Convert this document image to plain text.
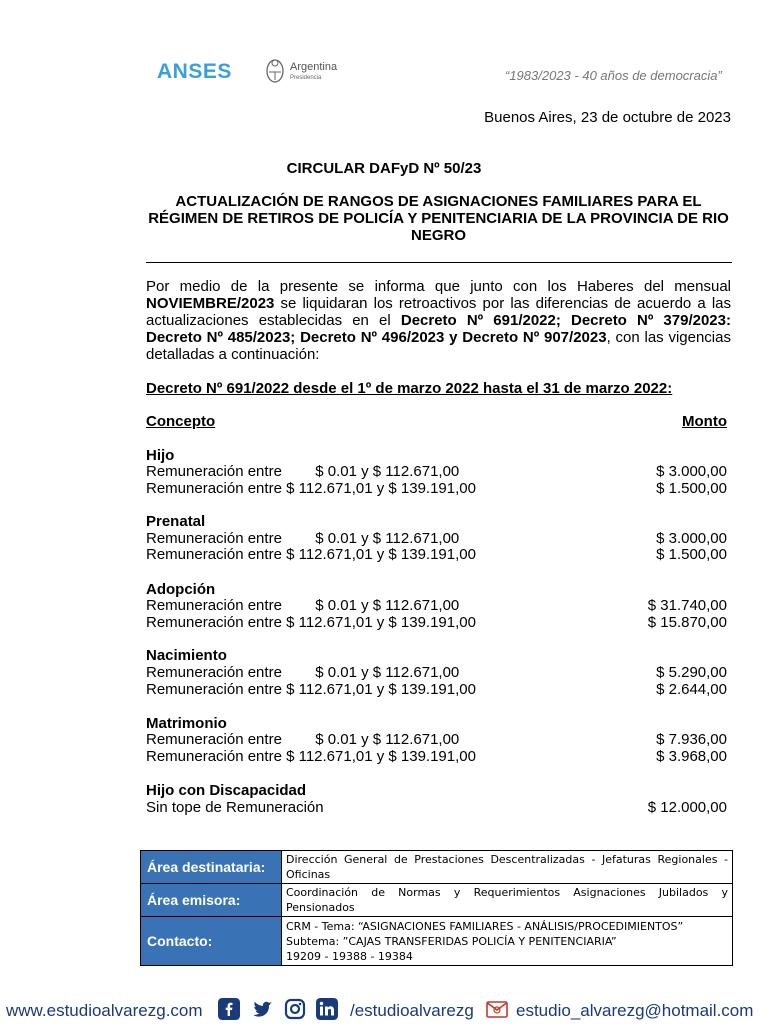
ANSES	Argentina
Presidencia	“1983/2023 - 40 años de democracia”
Buenos Aires, 23 de octubre de 2023
CIRCULAR DAFyD Nº 50/23
ACTUALIZACIÓN DE RANGOS DE ASIGNACIONES FAMILIARES PARA EL RÉGIMEN DE RETIROS DE POLICÍA Y PENITENCIARIA DE LA PROVINCIA DE RIO NEGRO
Por medio de la presente se informa que junto con los Haberes del mensual NOVIEMBRE/2023 se liquidaran los retroactivos por las diferencias de acuerdo a las actualizaciones establecidas en el Decreto Nº 691/2022; Decreto Nº 379/2023: Decreto Nº 485/2023; Decreto Nº 496/2023 y Decreto Nº 907/2023, con las vigencias detalladas a continuación:
Decreto Nº 691/2022 desde el 1º de marzo 2022 hasta el 31 de marzo 2022:
Concepto	Monto
Hijo
Remuneración entre        $ 0.01 y $ 112.671,00	$ 3.000,00
Remuneración entre $ 112.671,01 y $ 139.191,00	$ 1.500,00
Prenatal
Remuneración entre        $ 0.01 y $ 112.671,00	$ 3.000,00
Remuneración entre $ 112.671,01 y $ 139.191,00	$ 1.500,00
Adopción
Remuneración entre        $ 0.01 y $ 112.671,00	$ 31.740,00
Remuneración entre $ 112.671,01 y $ 139.191,00	$ 15.870,00
Nacimiento
Remuneración entre        $ 0.01 y $ 112.671,00	$ 5.290,00
Remuneración entre $ 112.671,01 y $ 139.191,00	$ 2.644,00
Matrimonio
Remuneración entre        $ 0.01 y $ 112.671,00	$ 7.936,00
Remuneración entre $ 112.671,01 y $ 139.191,00	$ 3.968,00
Hijo con Discapacidad
Sin tope de Remuneración	$ 12.000,00
Área destinataria:	Dirección General de Prestaciones Descentralizadas - Jefaturas Regionales - Oficinas
Área emisora:	Coordinación de Normas y Requerimientos Asignaciones Jubilados y Pensionados
Contacto:	CRM - Tema: “ASIGNACIONES FAMILIARES - ANÁLISIS/PROCEDIMIENTOS”
Subtema: ”CAJAS TRANSFERIDAS POLICÍA Y PENITENCIARIA”
19209 - 19388 - 19384
www.estudioalvarezg.com	/estudioalvarezg estudio_alvarezg@hotmail.com
